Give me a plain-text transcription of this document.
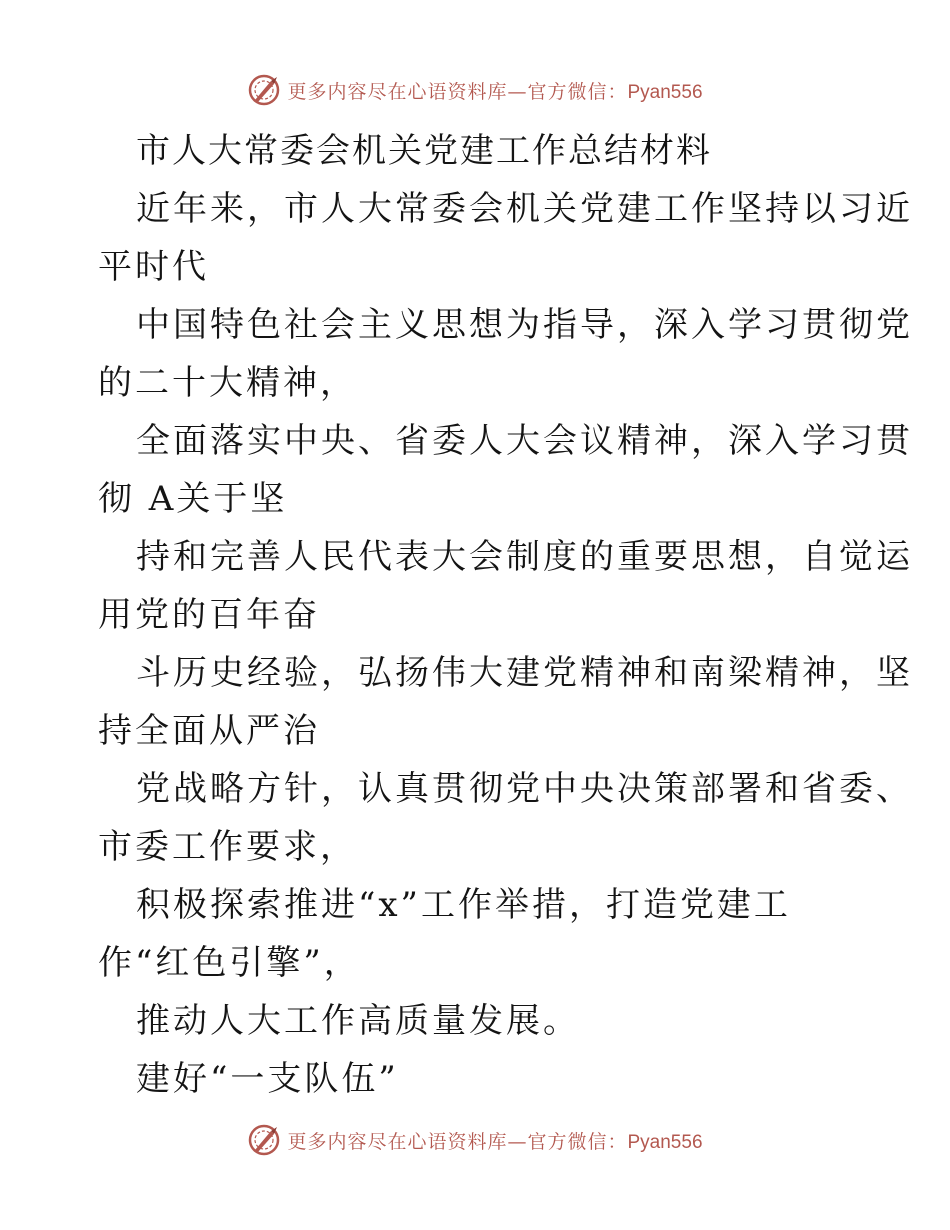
更多内容尽在心语资料库—官方微信：Pyan556
市人大常委会机关党建工作总结材料
近年来，市人大常委会机关党建工作坚持以习近
平时代
中国特色社会主义思想为指导，深入学习贯彻党
的二十大精神，
全面落实中央、省委人大会议精神，深入学习贯
彻 A关于坚
持和完善人民代表大会制度的重要思想，自觉运
用党的百年奋
斗历史经验，弘扬伟大建党精神和南梁精神，坚
持全面从严治
党战略方针，认真贯彻党中央决策部署和省委、
市委工作要求，
积极探索推进“x”工作举措，打造党建工
作“红色引擎”，
推动人大工作高质量发展。
建好“一支队伍”
更多内容尽在心语资料库—官方微信：Pyan556
